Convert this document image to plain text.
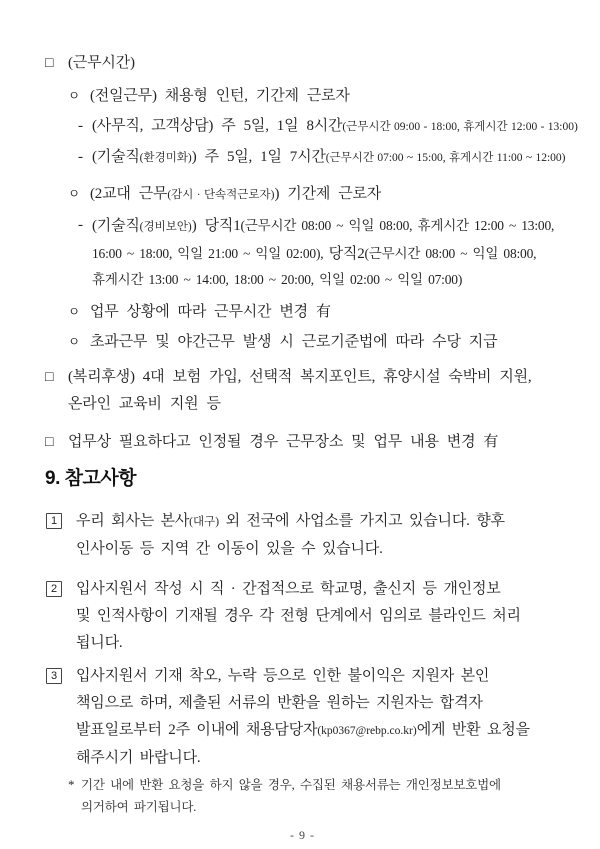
□ (근무시간)
ㅇ (전일근무) 채용형 인턴, 기간제 근로자
- (사무직, 고객상담) 주 5일, 1일 8시간(근무시간 09:00 - 18:00, 휴게시간 12:00 - 13:00)
- (기술직(환경미화)) 주 5일, 1일 7시간(근무시간 07:00 ~ 15:00, 휴게시간 11:00 ~ 12:00)
ㅇ (2교대 근무(감시 · 단속적근로자)) 기간제 근로자
- (기술직(경비보안)) 당직1(근무시간 08:00 ~ 익일 08:00, 휴게시간 12:00 ~ 13:00,
16:00 ~ 18:00, 익일 21:00 ~ 익일 02:00), 당직2(근무시간 08:00 ~ 익일 08:00,
휴게시간 13:00 ~ 14:00, 18:00 ~ 20:00, 익일 02:00 ~ 익일 07:00)
ㅇ 업무 상황에 따라 근무시간 변경 有
ㅇ 초과근무 및 야간근무 발생 시 근로기준법에 따라 수당 지급
□ (복리후생) 4대 보험 가입, 선택적 복지포인트, 휴양시설 숙박비 지원,
온라인 교육비 지원 등
□ 업무상 필요하다고 인정될 경우 근무장소 및 업무 내용 변경 有
9. 참고사항
1	우리 회사는 본사(대구) 외 전국에 사업소를 가지고 있습니다. 향후
인사이동 등 지역 간 이동이 있을 수 있습니다.
2	입사지원서 작성 시 직 · 간접적으로 학교명, 출신지 등 개인정보
및 인적사항이 기재될 경우 각 전형 단계에서 임의로 블라인드 처리
됩니다.
3	입사지원서 기재 착오, 누락 등으로 인한 불이익은 지원자 본인
책임으로 하며, 제출된 서류의 반환을 원하는 지원자는 합격자
발표일로부터 2주 이내에 채용담당자(kp0367@rebp.co.kr)에게 반환 요청을
해주시기 바랍니다.
* 기간 내에 반환 요청을 하지 않을 경우, 수집된 채용서류는 개인정보보호법에
의거하여 파기됩니다.
- 9 -
